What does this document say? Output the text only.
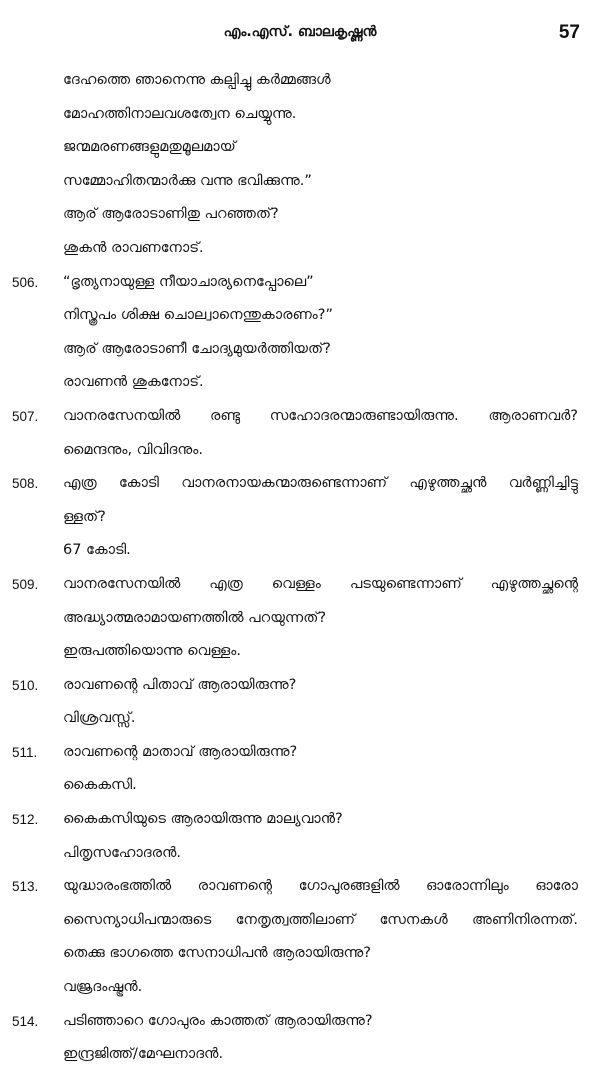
എം.എസ്. ബാലകൃഷ്ണൻ	57
ദേഹത്തെ ഞാനെന്നു കല്പിച്ചു കർമ്മങ്ങൾ
മോഹത്തിനാലവശത്വേന ചെയ്യുന്നു.
ജന്മമരണങ്ങളുമതുമൂലമായ്
സമ്മോഹിതന്മാർക്കു വന്നു ഭവിക്കുന്നു.”
ആര് ആരോടാണിതു പറഞ്ഞത്?
ശുകൻ രാവണനോട്.
506.	“ഭൃത്യനായുള്ള നീയാചാര്യനെപ്പോലെ”
നിസ്ത്രപം ശിക്ഷ ചൊല്വാനെന്തുകാരണം?”
ആര് ആരോടാണീ ചോദ്യമുയർത്തിയത്?
രാവണൻ ശുകനോട്.
507.	വാനരസേനയിൽ രണ്ടു സഹോദരന്മാരുണ്ടായിരുന്നു. ആരാണവർ?
മൈന്ദനും, വിവിദനും.
508.	എത്ര കോടി വാനരനായകന്മാരുണ്ടെന്നാണ് എഴുത്തച്ഛൻ വർണ്ണിച്ചിട്ടു
ള്ളത്?
67 കോടി.
509.	വാനരസേനയിൽ എത്ര വെള്ളം പടയുണ്ടെന്നാണ് എഴുത്തച്ഛന്റെ
അദ്ധ്യാത്മരാമായണത്തിൽ പറയുന്നത്?
ഇരുപത്തിയൊന്നു വെള്ളം.
510.	രാവണന്റെ പിതാവ് ആരായിരുന്നു?
വിശ്രവസ്സ്.
511.	രാവണന്റെ മാതാവ് ആരായിരുന്നു?
കൈകസി.
512.	കൈകസിയുടെ ആരായിരുന്നു മാല്യവാൻ?
പിതൃസഹോദരൻ.
513.	യുദ്ധാരംഭത്തിൽ രാവണന്റെ ഗോപുരങ്ങളിൽ ഓരോന്നിലും ഓരോ
സൈന്യാധിപന്മാരുടെ നേതൃത്വത്തിലാണ് സേനകൾ അണിനിരന്നത്.
തെക്കു ഭാഗത്തെ സേനാധിപൻ ആരായിരുന്നു?
വജ്രദംഷ്ട്രൻ.
514.	പടിഞ്ഞാറെ ഗോപുരം കാത്തത് ആരായിരുന്നു?
ഇന്ദ്രജിത്ത്/മേഘനാദൻ.
